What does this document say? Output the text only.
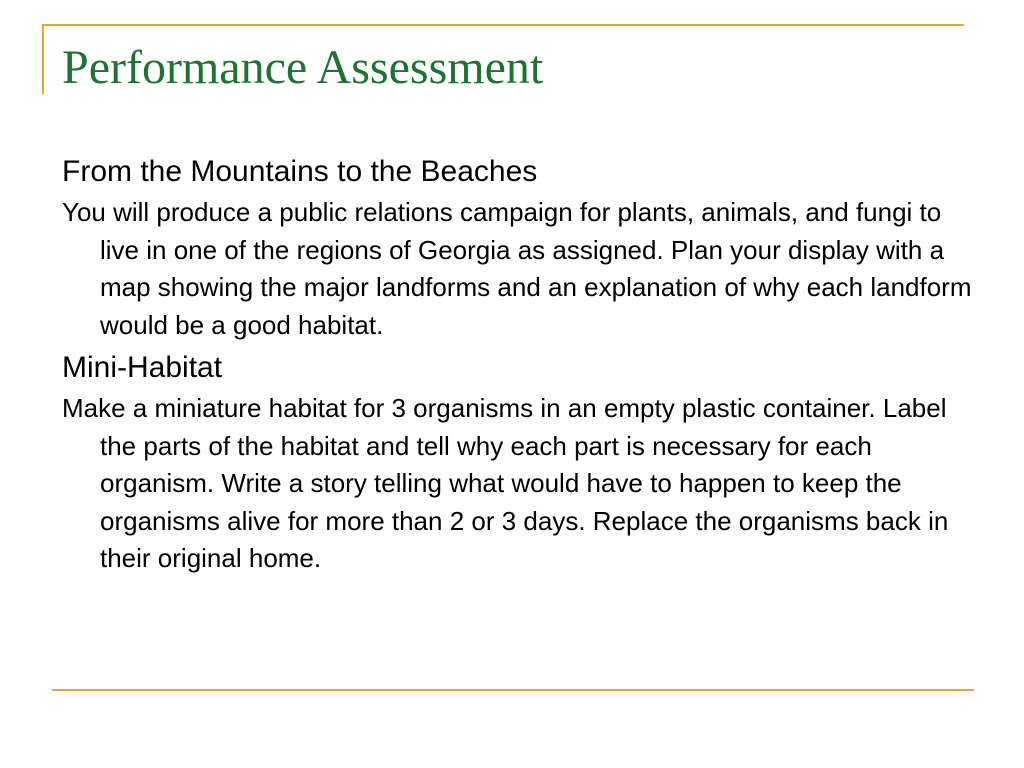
Performance Assessment
From the Mountains to the Beaches
You will produce a public relations campaign for plants, animals, and fungi to live in one of the regions of Georgia as assigned. Plan your display with a map showing the major landforms and an explanation of why each landform would be a good habitat.
Mini-Habitat
Make a miniature habitat for 3 organisms in an empty plastic container. Label the parts of the habitat and tell why each part is necessary for each organism. Write a story telling what would have to happen to keep the organisms alive for more than 2 or 3 days. Replace the organisms back in their original home.
